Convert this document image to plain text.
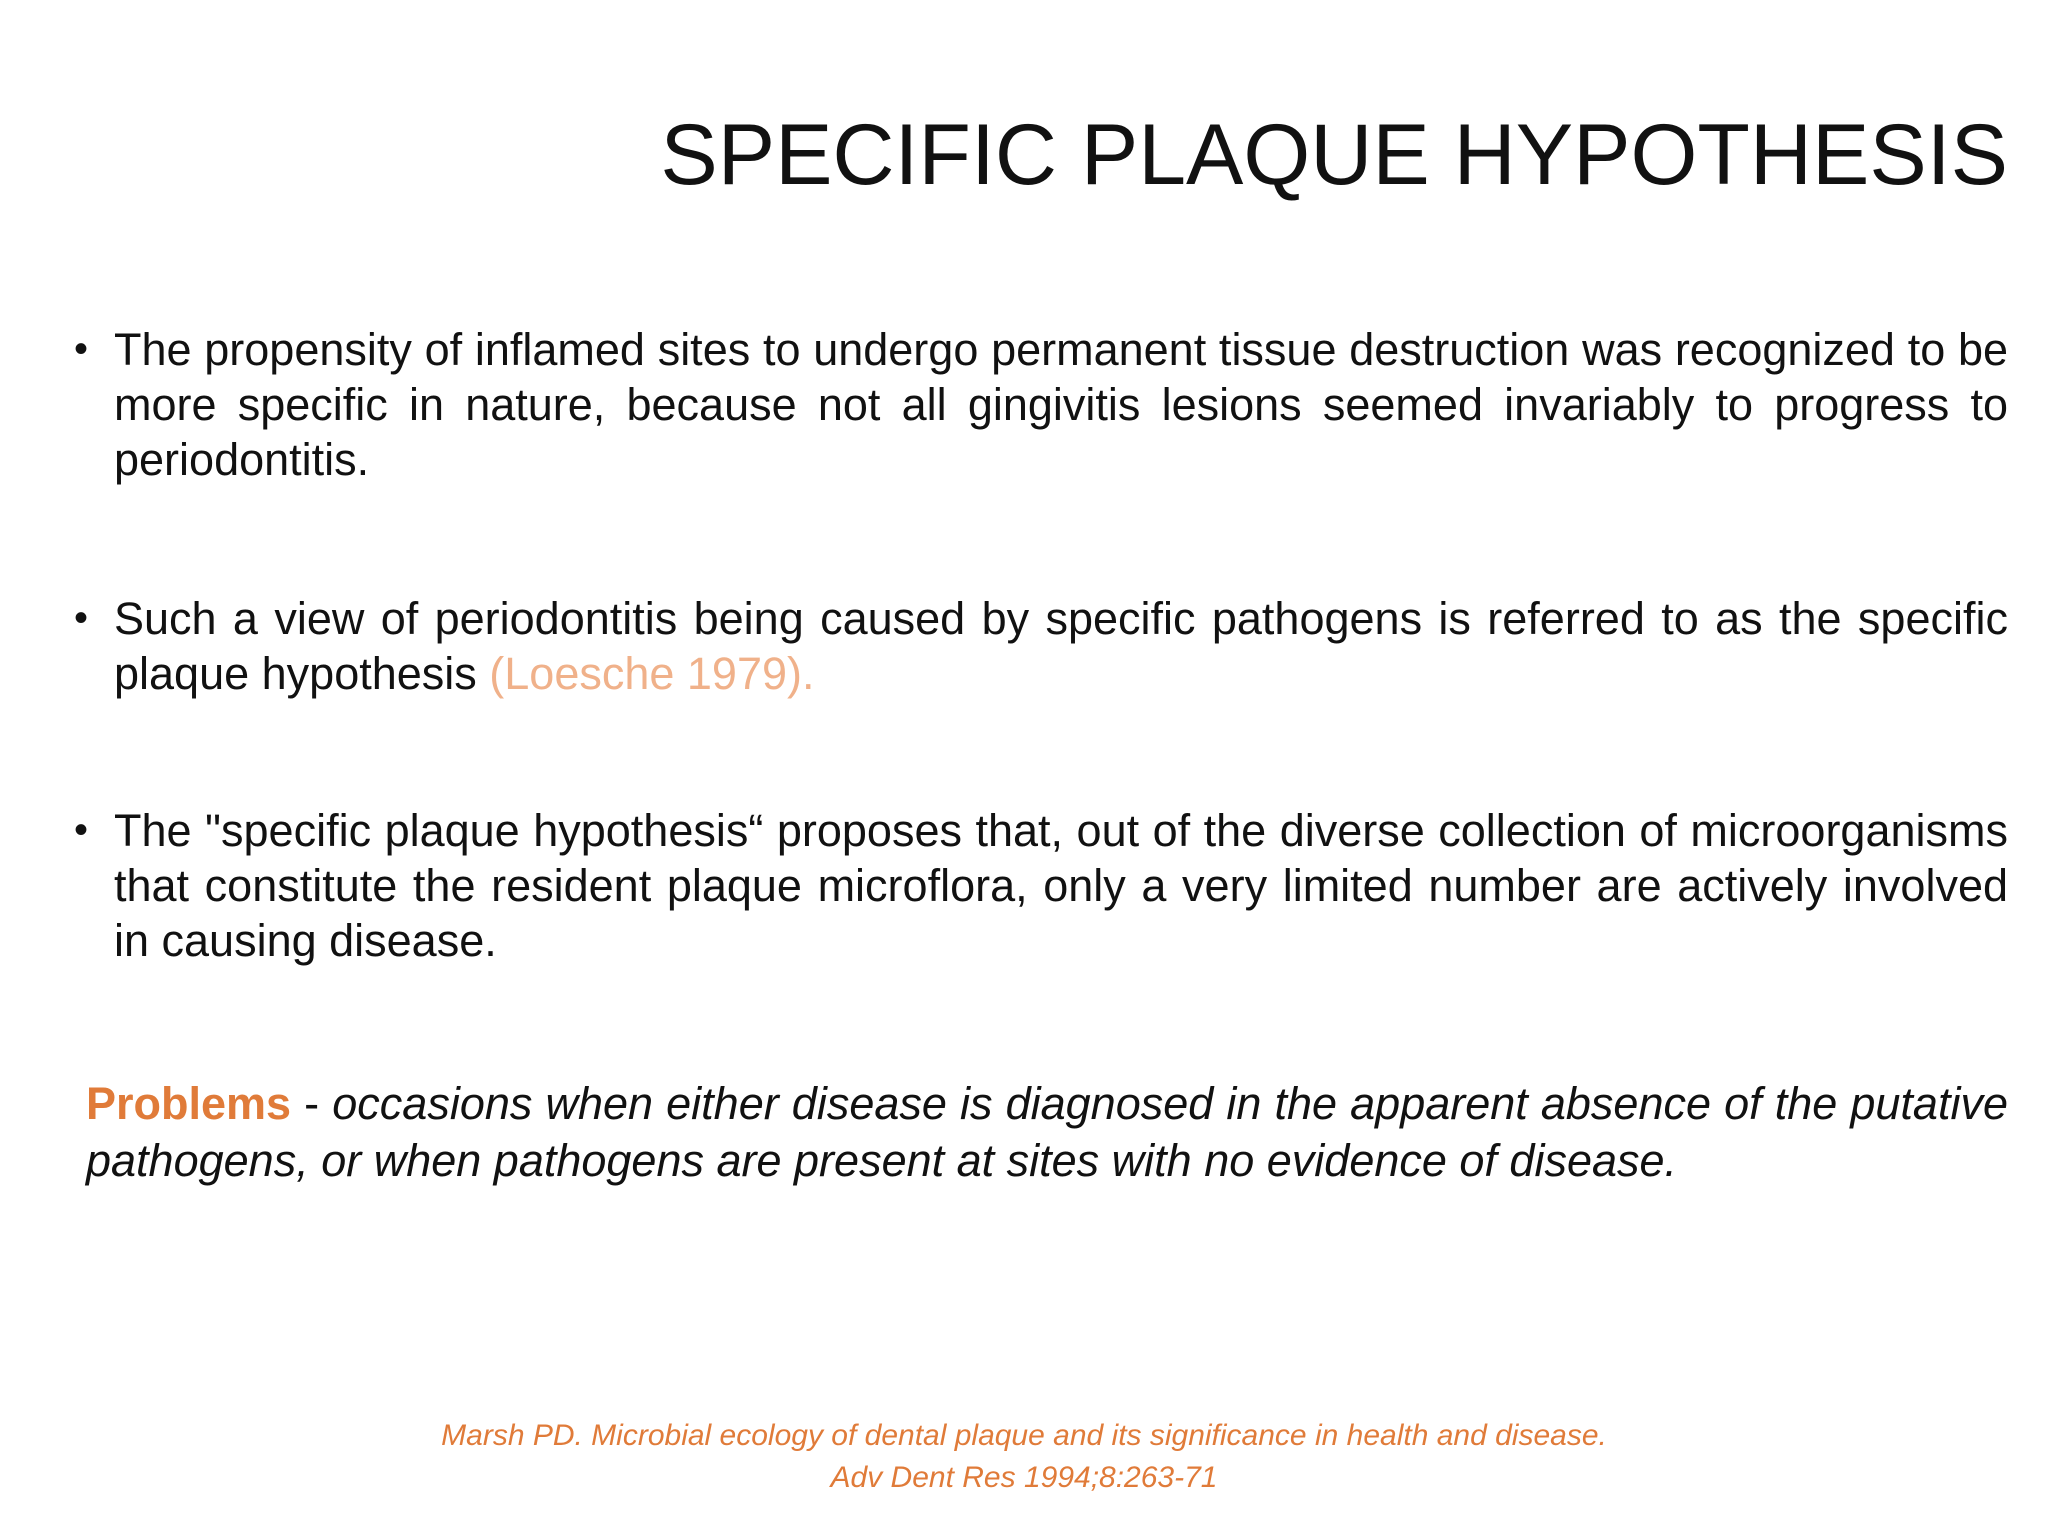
SPECIFIC PLAQUE HYPOTHESIS
• The propensity of inflamed sites to undergo permanent tissue destruction was recognized to be more specific in nature, because not all gingivitis lesions seemed invariably to progress to periodontitis.
• Such a view of periodontitis being caused by specific pathogens is referred to as the specific plaque hypothesis (Loesche 1979).
• The "specific plaque hypothesis“ proposes that, out of the diverse collection of microorganisms that constitute the resident plaque microflora, only a very limited number are actively involved in causing disease.
Problems - occasions when either disease is diagnosed in the apparent absence of the putative pathogens, or when pathogens are present at sites with no evidence of disease.
Marsh PD. Microbial ecology of dental plaque and its significance in health and disease.
Adv Dent Res 1994;8:263-71
